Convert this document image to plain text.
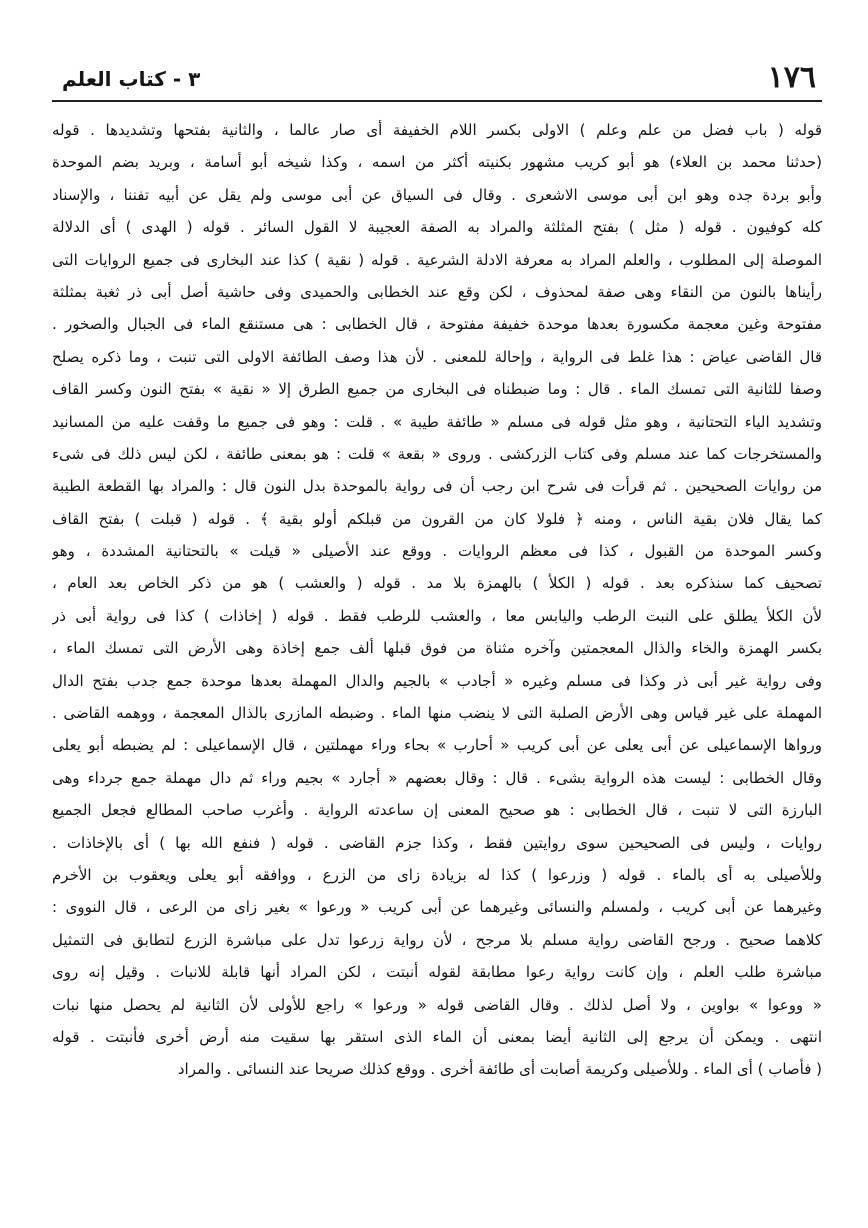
١٧٦
٣ - كتاب العلم
قوله ( باب فضل من علم وعلم ) الاولى بكسر اللام الخفيفة أى صار عالما ، والثانية بفتحها وتشديدها . قوله
(حدثنا محمد بن العلاء) هو أبو كريب مشهور بكنيته أكثر من اسمه ، وكذا شيخه أبو أسامة ، وبريد بضم الموحدة
وأبو بردة جده وهو ابن أبى موسى الاشعرى . وقال فى السياق عن أبى موسى ولم يقل عن أبيه تفننا ، والإسناد
كله كوفيون . قوله ( مثل ) بفتح المثلثة والمراد به الصفة العجيبة لا القول السائر . قوله ( الهدى ) أى الدلالة
الموصلة إلى المطلوب ، والعلم المراد به معرفة الادلة الشرعية . قوله ( نقية ) كذا عند البخارى فى جميع الروايات التى
رأيناها بالنون من النقاء وهى صفة لمحذوف ، لكن وقع عند الخطابى والحميدى وفى حاشية أصل أبى ذر ثغبة بمثلثة
مفتوحة وغين معجمة مكسورة بعدها موحدة خفيفة مفتوحة ، قال الخطابى : هى مستنقع الماء فى الجبال والصخور .
قال القاضى عياض : هذا غلط فى الرواية ، وإحالة للمعنى . لأن هذا وصف الطائفة الاولى التى تنبت ، وما ذكره يصلح
وصفا للثانية التى تمسك الماء . قال : وما ضبطناه فى البخارى من جميع الطرق إلا « نقية » بفتح النون وكسر القاف
وتشديد الياء التحتانية ، وهو مثل قوله فى مسلم « طائفة طيبة » . قلت : وهو فى جميع ما وقفت عليه من المسانيد
والمستخرجات كما عند مسلم وفى كتاب الزركشى . وروى « بقعة » قلت : هو بمعنى طائفة ، لكن ليس ذلك فى شىء
من روايات الصحيحين . ثم قرأت فى شرح ابن رجب أن فى رواية بالموحدة بدل النون قال : والمراد بها القطعة الطيبة
كما يقال فلان بقية الناس ، ومنه ﴿ فلولا كان من القرون من قبلكم أولو بقية ﴾ . قوله ( قبلت ) بفتح القاف
وكسر الموحدة من القبول ، كذا فى معظم الروايات . ووقع عند الأصيلى « قيلت » بالتحتانية المشددة ، وهو
تصحيف كما سنذكره بعد . قوله ( الكلأ ) بالهمزة بلا مد . قوله ( والعشب ) هو من ذكر الخاص بعد العام ،
لأن الكلأ يطلق على النبت الرطب واليابس معا ، والعشب للرطب فقط . قوله ( إخاذات ) كذا فى رواية أبى ذر
بكسر الهمزة والخاء والذال المعجمتين وآخره مثناة من فوق قبلها ألف جمع إخاذة وهى الأرض التى تمسك الماء ،
وفى رواية غير أبى ذر وكذا فى مسلم وغيره « أجادب » بالجيم والدال المهملة بعدها موحدة جمع جدب بفتح الدال
المهملة على غير قياس وهى الأرض الصلبة التى لا ينضب منها الماء . وضبطه المازرى بالذال المعجمة ، ووهمه القاضى .
ورواها الإسماعيلى عن أبى يعلى عن أبى كريب « أحارب » بحاء وراء مهملتين ، قال الإسماعيلى : لم يضبطه أبو يعلى
وقال الخطابى : ليست هذه الرواية بشىء . قال : وقال بعضهم « أجارد » بجيم وراء ثم دال مهملة جمع جرداء وهى
البارزة التى لا تنبت ، قال الخطابى : هو صحيح المعنى إن ساعدته الرواية . وأغرب صاحب المطالع فجعل الجميع
روايات ، وليس فى الصحيحين سوى روايتين فقط ، وكذا جزم القاضى . قوله ( فنفع الله بها ) أى بالإخاذات .
وللأصيلى به أى بالماء . قوله ( وزرعوا ) كذا له بزيادة زاى من الزرع ، ووافقه أبو يعلى ويعقوب بن الأخرم
وغيرهما عن أبى كريب ، ولمسلم والنسائى وغيرهما عن أبى كريب « ورعوا » بغير زاى من الرعى ، قال النووى :
كلاهما صحيح . ورجح القاضى رواية مسلم بلا مرجح ، لأن رواية زرعوا تدل على مباشرة الزرع لتطابق فى التمثيل
مباشرة طلب العلم ، وإن كانت رواية رعوا مطابقة لقوله أنبتت ، لكن المراد أنها قابلة للانبات . وقيل إنه روى
« ووعوا » بواوين ، ولا أصل لذلك . وقال القاضى قوله « ورعوا » راجع للأولى لأن الثانية لم يحصل منها نبات
انتهى . ويمكن أن يرجع إلى الثانية أيضا بمعنى أن الماء الذى استقر بها سقيت منه أرض أخرى فأنبتت . قوله
( فأصاب ) أى الماء . وللأصيلى وكريمة أصابت أى طائفة أخرى . ووقع كذلك صريحا عند النسائى . والمراد
